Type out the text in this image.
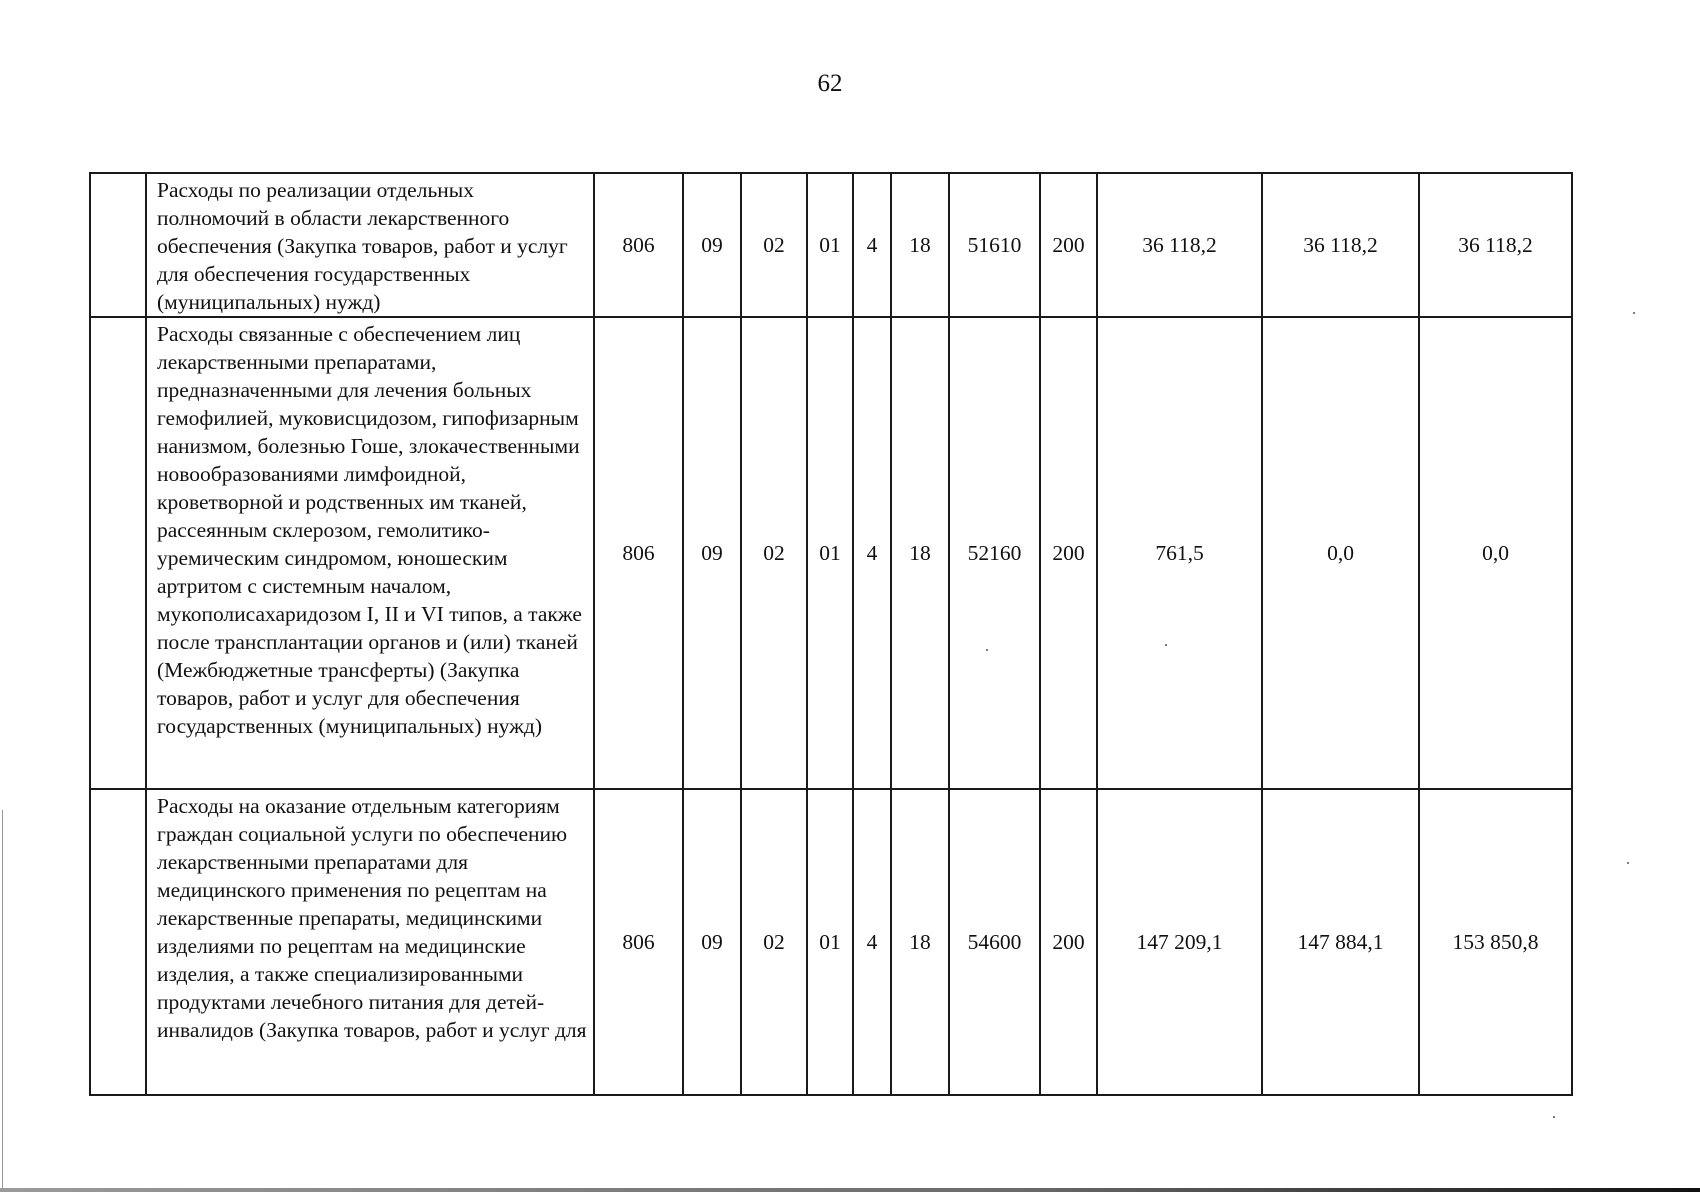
62
	Расходы по реализации отдельных полномочий в области лекарственного обеспечения (Закупка товаров, работ и услуг для обеспечения государственных (муниципальных) нужд)	806	09	02	01	4	18	51610	200	36 118,2	36 118,2	36 118,2
	Расходы связанные с обеспечением лиц лекарственными препаратами, предназначенными для лечения больных гемофилией, муковисцидозом, гипофизарным нанизмом, болезнью Гоше, злокачественными новообразованиями лимфоидной, кроветворной и родственных им тканей, рассеянным склерозом, гемолитико-уремическим синдромом, юношеским артритом с системным началом, мукополисахаридозом I, II и VI типов, а также после трансплантации органов и (или) тканей (Межбюджетные трансферты) (Закупка товаров, работ и услуг для обеспечения государственных (муниципальных) нужд)	806	09	02	01	4	18	52160	200	761,5	0,0	0,0
	Расходы на оказание отдельным категориям граждан социальной услуги по обеспечению лекарственными препаратами для медицинского применения по рецептам на лекарственные препараты, медицинскими изделиями по рецептам на медицинские изделия, а также специализированными продуктами лечебного питания для детей-инвалидов (Закупка товаров, работ и услуг для	806	09	02	01	4	18	54600	200	147 209,1	147 884,1	153 850,8
